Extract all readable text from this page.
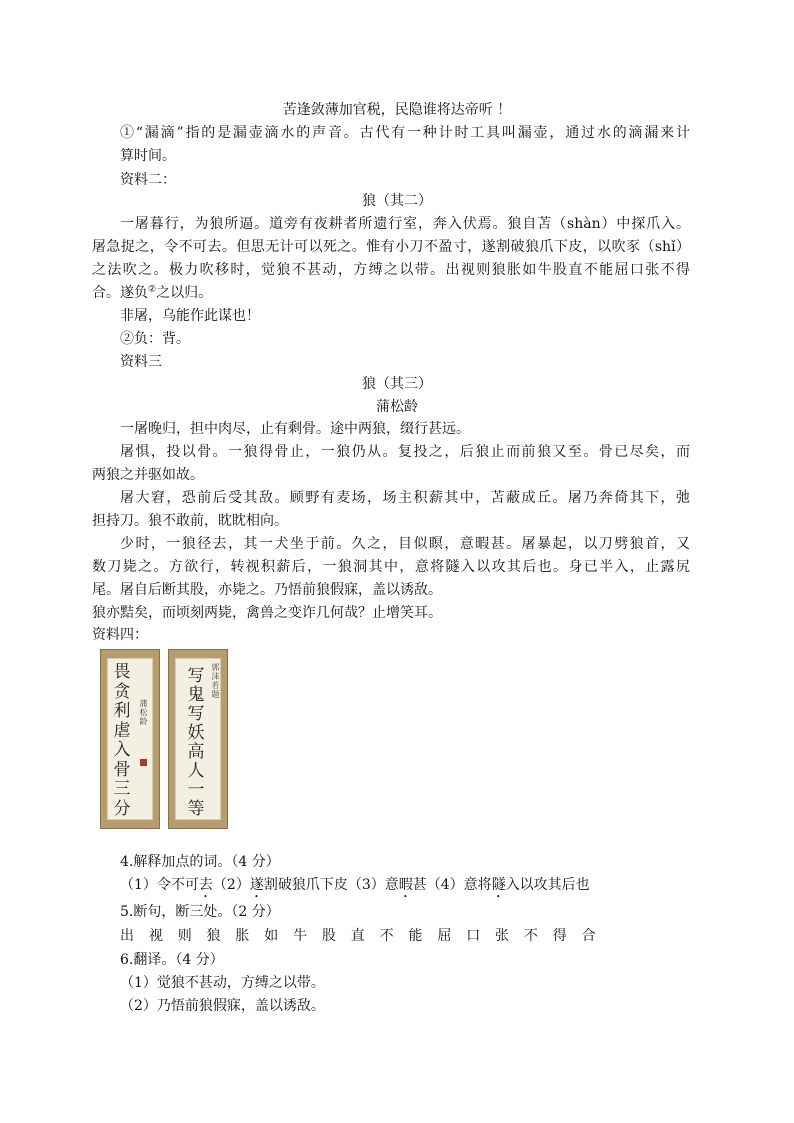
苦逢敛薄加官税，民隐谁将达帝听 ！
①“漏滴”指的是漏壶滴水的声音。古代有一种计时工具叫漏壶，通过水的滴漏来计
算时间。
资料二：
狼（其二）
一屠暮行，为狼所逼。道旁有夜耕者所遗行室，奔入伏焉。狼自苫（shàn）中探爪入。
屠急捉之，令不可去。但思无计可以死之。惟有小刀不盈寸，遂割破狼爪下皮，以吹豕（shǐ）
之法吹之。极力吹移时，觉狼不甚动，方缚之以带。出视则狼胀如牛股直不能屈口张不得
合。遂负②之以归。
非屠，乌能作此谋也！
②负：背。
资料三
狼（其三）
蒲松龄
一屠晚归，担中肉尽，止有剩骨。途中两狼，缀行甚远。
屠惧，投以骨。一狼得骨止，一狼仍从。复投之，后狼止而前狼又至。骨已尽矣，而
两狼之并驱如故。
屠大窘，恐前后受其敌。顾野有麦场，场主积薪其中，苫蔽成丘。屠乃奔倚其下，弛
担持刀。狼不敢前，眈眈相向。
少时，一狼径去，其一犬坐于前。久之，目似瞑，意暇甚。屠暴起，以刀劈狼首，又
数刀毙之。方欲行，转视积薪后，一狼洞其中，意将隧入以攻其后也。身已半入，止露尻
尾。屠自后断其股，亦毙之。乃悟前狼假寐，盖以诱敌。
狼亦黠矣，而顷刻两毙，禽兽之变诈几何哉？止增笑耳。
资料四：
畏
贪
利
虐
入
骨
三
分
蒲松龄
郭沫若题
写
鬼
写
妖
高
人
一
等
4.解释加点的词。（4 分）
（1）令不可去（2）遂割破狼爪下皮（3）意暇甚（4）意将隧入以攻其后也
5.断句，断三处。（2 分）
出 视 则 狼 胀 如 牛 股 直 不 能 屈 口 张 不 得 合
6.翻译。（4 分）
（1）觉狼不甚动，方缚之以带。
（2）乃悟前狼假寐，盖以诱敌。
